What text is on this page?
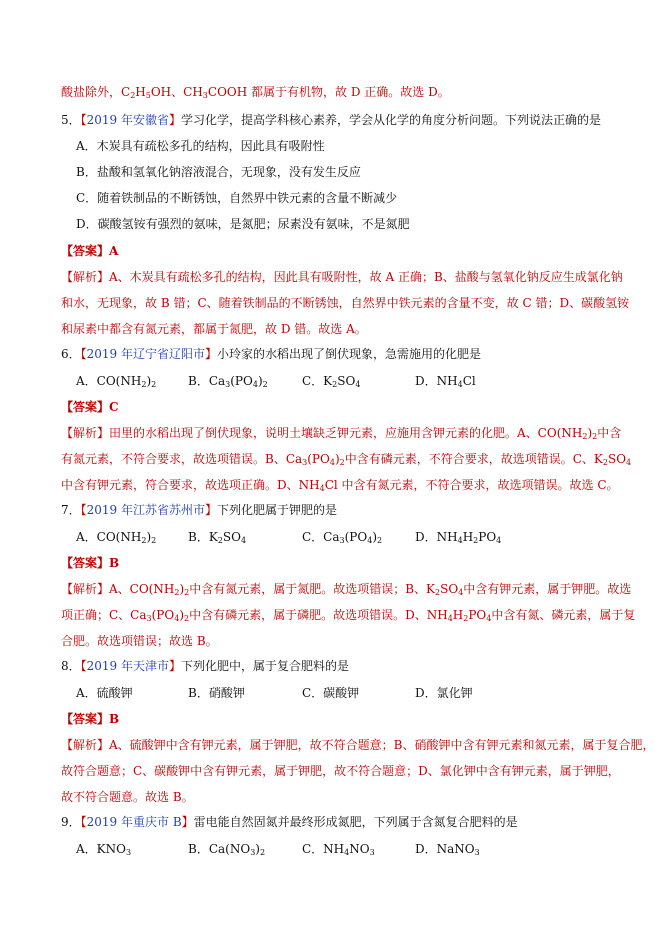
酸盐除外，$C_2H_5OH$、$CH_3COOH$ 都属于有机物，故 D 正确。故选 D。
5．【2019 年安徽省】学习化学，提高学科核心素养，学会从化学的角度分析问题。下列说法正确的是
A．木炭具有疏松多孔的结构，因此具有吸附性
B．盐酸和氢氧化钠溶液混合，无现象，没有发生反应
C．随着铁制品的不断锈蚀，自然界中铁元素的含量不断减少
D．碳酸氢铵有强烈的氨味，是氮肥；尿素没有氨味，不是氮肥
【答案】A
【解析】A、木炭具有疏松多孔的结构，因此具有吸附性，故 A 正确；B、盐酸与氢氧化钠反应生成氯化钠
和水，无现象，故 B 错；C、随着铁制品的不断锈蚀，自然界中铁元素的含量不变，故 C 错；D、碳酸氢铵
和尿素中都含有氮元素，都属于氮肥，故 D 错。故选 A。
6．【2019 年辽宁省辽阳市】小玲家的水稻出现了倒伏现象，急需施用的化肥是
A．$CO(NH_2)_2$	B．$Ca_3(PO_4)_2$	C．$K_2SO_4$	D．$NH_4Cl$
【答案】C
【解析】田里的水稻出现了倒伏现象，说明土壤缺乏钾元素，应施用含钾元素的化肥。A、$CO(NH_2)_2$中含
有氮元素，不符合要求，故选项错误。B、$Ca_3(PO_4)_2$中含有磷元素，不符合要求，故选项错误。C、$K_2SO_4$
中含有钾元素，符合要求，故选项正确。D、$NH_4Cl$ 中含有氮元素，不符合要求，故选项错误。故选 C。
7．【2019 年江苏省苏州市】下列化肥属于钾肥的是
A．$CO(NH_2)_2$	B．$K_2SO_4$	C．$Ca_3(PO_4)_2$	D．$NH_4H_2PO_4$
【答案】B
【解析】A、$CO(NH_2)_2$中含有氮元素，属于氮肥。故选项错误；B、$K_2SO_4$中含有钾元素，属于钾肥。故选
项正确；C、$Ca_3(PO_4)_2$中含有磷元素，属于磷肥。故选项错误。D、$NH_4H_2PO_4$中含有氮、磷元素，属于复
合肥。故选项错误；故选 B。
8．【2019 年天津市】下列化肥中，属于复合肥料的是
A．硫酸钾	B．硝酸钾	C．碳酸钾	D．氯化钾
【答案】B
【解析】A、硫酸钾中含有钾元素，属于钾肥，故不符合题意；B、硝酸钾中含有钾元素和氮元素，属于复合肥，
故符合题意；C、碳酸钾中含有钾元素，属于钾肥，故不符合题意；D、氯化钾中含有钾元素，属于钾肥，
故不符合题意。故选 B。
9．【2019 年重庆市 B】雷电能自然固氮并最终形成氮肥，下列属于含氮复合肥料的是
A．$KNO_3$	B．$Ca(NO_3)_2$	C．$NH_4NO_3$	D．NaNO$_3$
